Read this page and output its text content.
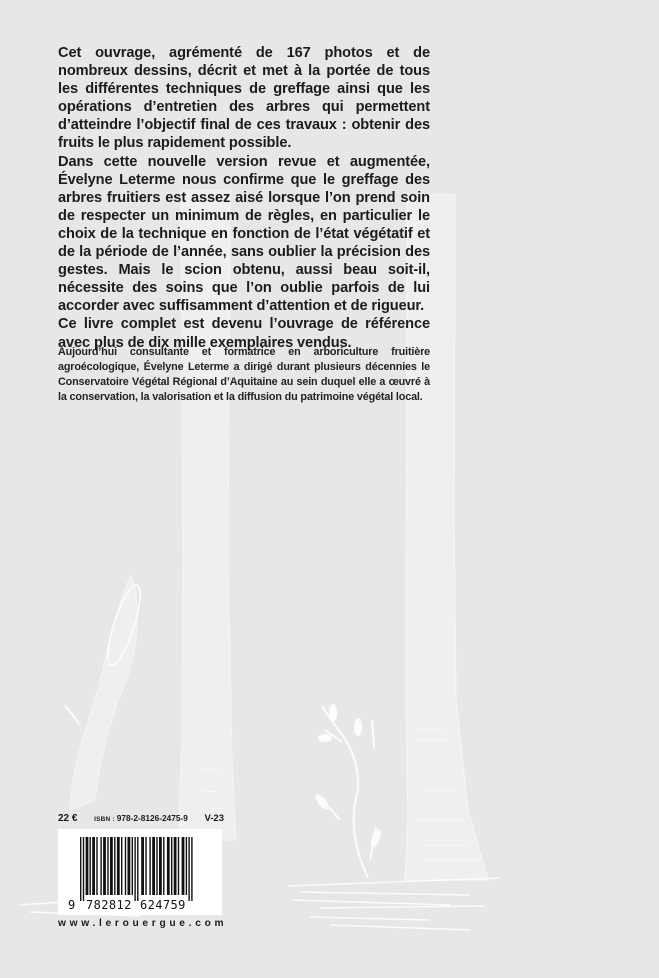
Cet ouvrage, agrémenté de 167 photos et de nombreux dessins, décrit et met à la portée de tous les différentes techniques de greffage ainsi que les opérations d’entretien des arbres qui permettent d’atteindre l’objectif final de ces travaux : obtenir des fruits le plus rapidement possible.

Dans cette nouvelle version revue et augmentée, Évelyne Leterme nous confirme que le greffage des arbres fruitiers est assez aisé lorsque l’on prend soin de respecter un minimum de règles, en particulier le choix de la technique en fonction de l’état végétatif et de la période de l’année, sans oublier la précision des gestes. Mais le scion obtenu, aussi beau soit-il, nécessite des soins que l’on oublie parfois de lui accorder avec suffisamment d’attention et de rigueur.

Ce livre complet est devenu l’ouvrage de référence avec plus de dix mille exemplaires vendus.

Aujourd’hui consultante et formatrice en arboriculture fruitière agroécologique, Évelyne Leterme a dirigé durant plusieurs décennies le Conservatoire Végétal Régional d’Aquitaine au sein duquel elle a œuvré à la conservation, la valorisation et la diffusion du patrimoine végétal local.
22 €	ISBN : 978-2-8126-2475-9 V-23
9 782812 624759
www.lerouergue.com
